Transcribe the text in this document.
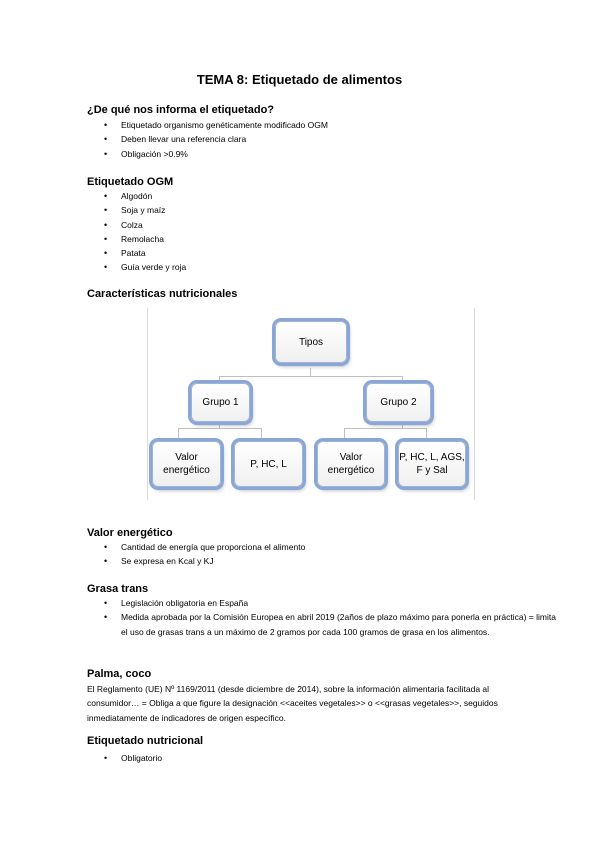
TEMA 8: Etiquetado de alimentos
¿De qué nos informa el etiquetado?
• Etiquetado organismo genéticamente modificado OGM
• Deben llevar una referencia clara
• Obligación >0.9%
Etiquetado OGM
• Algodón
• Soja y maíz
• Colza
• Remolacha
• Patata
• Guía verde y roja
Características nutricionales
Tipos
Grupo 1	Grupo 2
Valor energético
P, HC, L
Valor energético
P, HC, L, AGS, F y Sal
Valor energético
• Cantidad de energía que proporciona el alimento
• Se expresa en Kcal y KJ
Grasa trans
• Legislación obligatoria en España
• Medida aprobada por la Comisión Europea en abril 2019 (2años de plazo máximo para ponerla en práctica) = limita el uso de grasas trans a un máximo de 2 gramos por cada 100 gramos de grasa en los alimentos.
Palma, coco
El Reglamento (UE) Nº 1169/2011 (desde diciembre de 2014), sobre la información alimentaria facilitada al consumidor… = Obliga a que figure la designación <<aceites vegetales>> o <<grasas vegetales>>, seguidos inmediatamente de indicadores de origen específico.
Etiquetado nutricional
• Obligatorio
